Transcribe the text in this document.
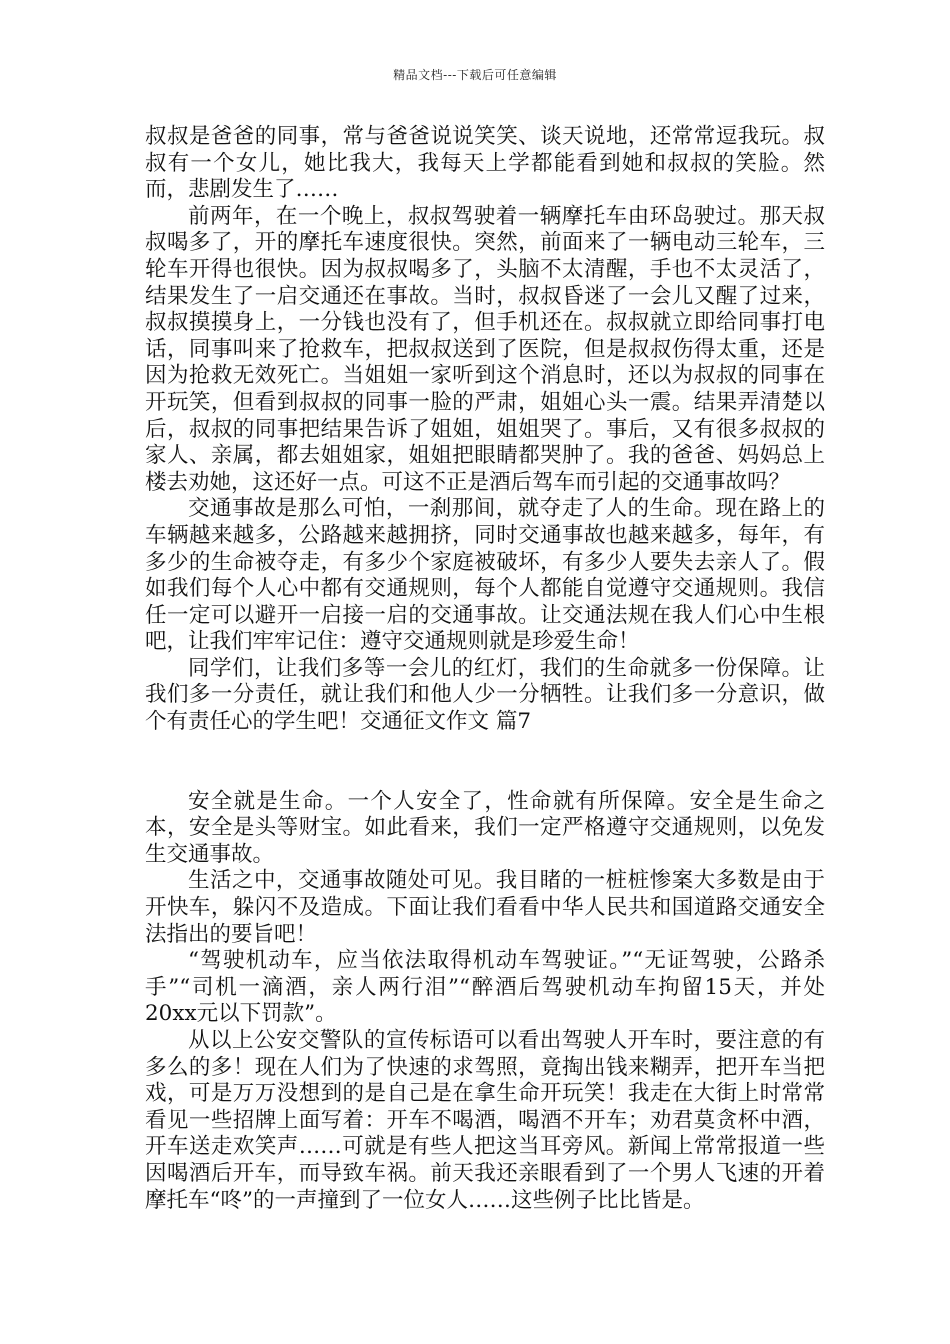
精品文档---下载后可任意编辑

叔叔是爸爸的同事，常与爸爸说说笑笑、谈天说地，还常常逗我玩。叔叔有一个女儿，她比我大，我每天上学都能看到她和叔叔的笑脸。然而，悲剧发生了……

前两年，在一个晚上，叔叔驾驶着一辆摩托车由环岛驶过。那天叔叔喝多了，开的摩托车速度很快。突然，前面来了一辆电动三轮车，三轮车开得也很快。因为叔叔喝多了，头脑不太清醒，手也不太灵活了，结果发生了一启交通还在事故。当时，叔叔昏迷了一会儿又醒了过来，叔叔摸摸身上，一分钱也没有了，但手机还在。叔叔就立即给同事打电话，同事叫来了抢救车，把叔叔送到了医院，但是叔叔伤得太重，还是因为抢救无效死亡。当姐姐一家听到这个消息时，还以为叔叔的同事在开玩笑，但看到叔叔的同事一脸的严肃，姐姐心头一震。结果弄清楚以后，叔叔的同事把结果告诉了姐姐，姐姐哭了。事后，又有很多叔叔的家人、亲属，都去姐姐家，姐姐把眼睛都哭肿了。我的爸爸、妈妈总上楼去劝她，这还好一点。可这不正是酒后驾车而引起的交通事故吗？

交通事故是那么可怕，一刹那间，就夺走了人的生命。现在路上的车辆越来越多，公路越来越拥挤，同时交通事故也越来越多，每年，有多少的生命被夺走，有多少个家庭被破坏，有多少人要失去亲人了。假如我们每个人心中都有交通规则，每个人都能自觉遵守交通规则。我信任一定可以避开一启接一启的交通事故。让交通法规在我人们心中生根吧，让我们牢牢记住：遵守交通规则就是珍爱生命！

同学们，让我们多等一会儿的红灯，我们的生命就多一份保障。让我们多一分责任，就让我们和他人少一分牺牲。让我们多一分意识，做个有责任心的学生吧！交通征文作文 篇7

安全就是生命。一个人安全了，性命就有所保障。安全是生命之本，安全是头等财宝。如此看来，我们一定严格遵守交通规则，以免发生交通事故。

生活之中，交通事故随处可见。我目睹的一桩桩惨案大多数是由于开快车，躲闪不及造成。下面让我们看看中华人民共和国道路交通安全法指出的要旨吧！

“驾驶机动车，应当依法取得机动车驾驶证。”“无证驾驶，公路杀手”“司机一滴酒，亲人两行泪”“醉酒后驾驶机动车拘留15天，并处20xx元以下罚款”。

从以上公安交警队的宣传标语可以看出驾驶人开车时，要注意的有多么的多！现在人们为了快速的求驾照，竟掏出钱来糊弄，把开车当把戏，可是万万没想到的是自己是在拿生命开玩笑！我走在大街上时常常看见一些招牌上面写着：开车不喝酒，喝酒不开车；劝君莫贪杯中酒，开车送走欢笑声……可就是有些人把这当耳旁风。新闻上常常报道一些因喝酒后开车，而导致车祸。前天我还亲眼看到了一个男人飞速的开着摩托车“咚”的一声撞到了一位女人……这些例子比比皆是。
